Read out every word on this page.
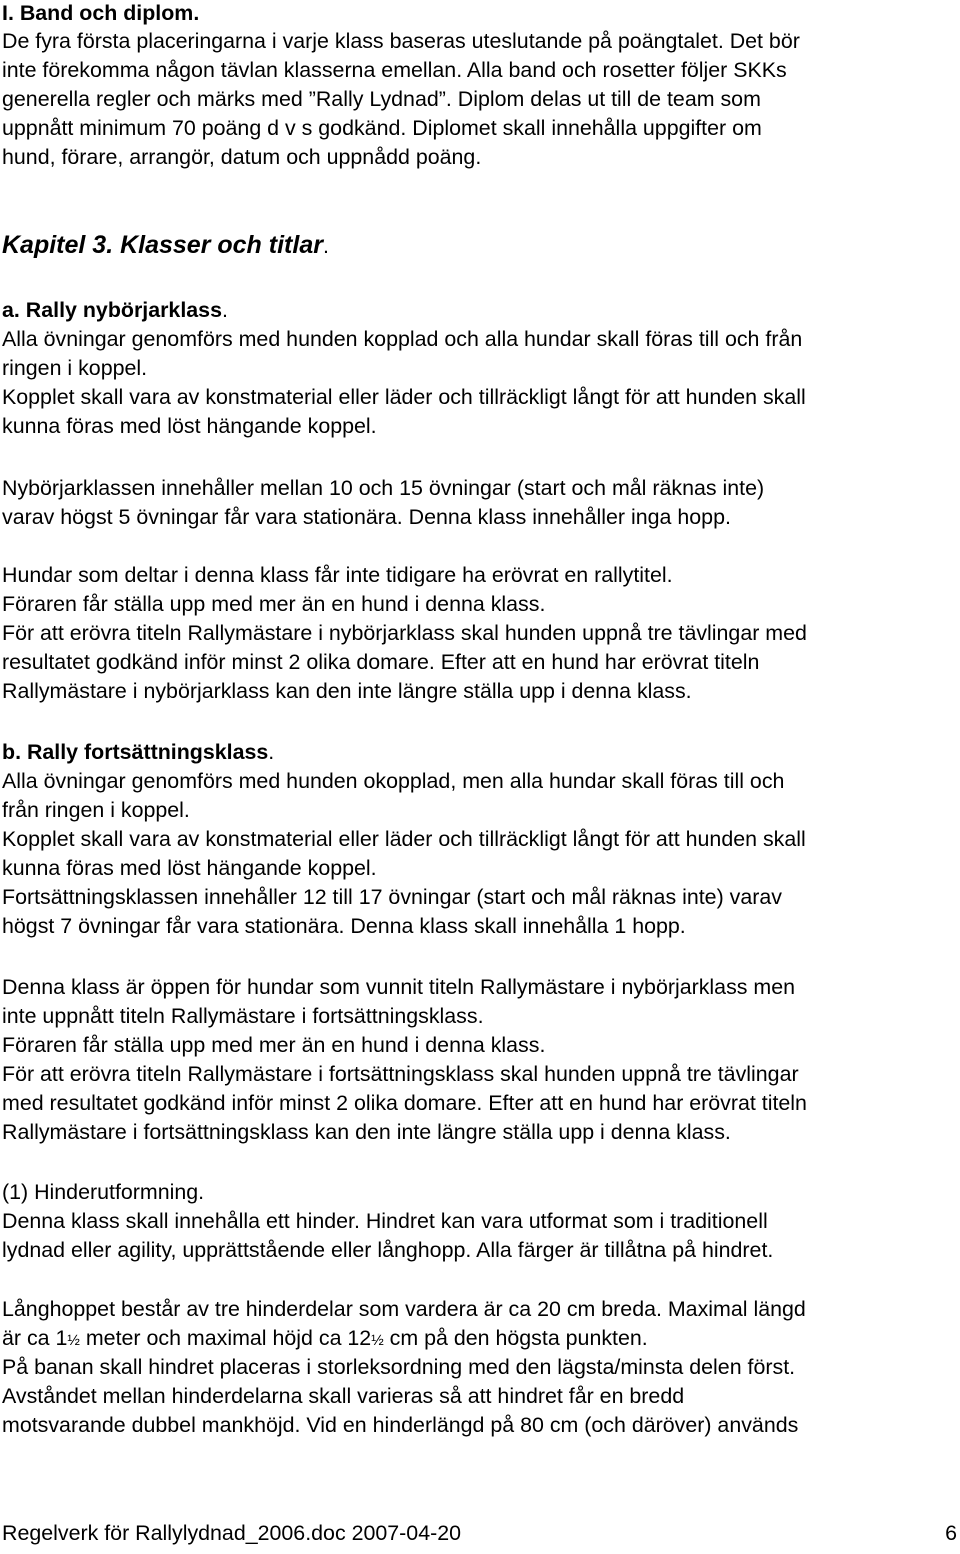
I. Band och diplom.
De fyra första placeringarna i varje klass baseras uteslutande på poängtalet. Det bör
inte förekomma någon tävlan klasserna emellan. Alla band och rosetter följer SKKs
generella regler och märks med ”Rally Lydnad”. Diplom delas ut till de team som
uppnått minimum 70 poäng d v s godkänd. Diplomet skall innehålla uppgifter om
hund, förare, arrangör, datum och uppnådd poäng.
Kapitel 3. Klasser och titlar.
a. Rally nybörjarklass.
Alla övningar genomförs med hunden kopplad och alla hundar skall föras till och från
ringen i koppel.
Kopplet skall vara av konstmaterial eller läder och tillräckligt långt för att hunden skall
kunna föras med löst hängande koppel.
Nybörjarklassen innehåller mellan 10 och 15 övningar (start och mål räknas inte)
varav högst 5 övningar får vara stationära. Denna klass innehåller inga hopp.
Hundar som deltar i denna klass får inte tidigare ha erövrat en rallytitel.
Föraren får ställa upp med mer än en hund i denna klass.
För att erövra titeln Rallymästare i nybörjarklass skal hunden uppnå tre tävlingar med
resultatet godkänd inför minst 2 olika domare. Efter att en hund har erövrat titeln
Rallymästare i nybörjarklass kan den inte längre ställa upp i denna klass.
b. Rally fortsättningsklass.
Alla övningar genomförs med hunden okopplad, men alla hundar skall föras till och
från ringen i koppel.
Kopplet skall vara av konstmaterial eller läder och tillräckligt långt för att hunden skall
kunna föras med löst hängande koppel.
Fortsättningsklassen innehåller 12 till 17 övningar (start och mål räknas inte) varav
högst 7 övningar får vara stationära. Denna klass skall innehålla 1 hopp.
Denna klass är öppen för hundar som vunnit titeln Rallymästare i nybörjarklass men
inte uppnått titeln Rallymästare i fortsättningsklass.
Föraren får ställa upp med mer än en hund i denna klass.
För att erövra titeln Rallymästare i fortsättningsklass skal hunden uppnå tre tävlingar
med resultatet godkänd inför minst 2 olika domare. Efter att en hund har erövrat titeln
Rallymästare i fortsättningsklass kan den inte längre ställa upp i denna klass.
(1) Hinderutformning.
Denna klass skall innehålla ett hinder. Hindret kan vara utformat som i traditionell
lydnad eller agility, upprättstående eller långhopp. Alla färger är tillåtna på hindret.
Långhoppet består av tre hinderdelar som vardera är ca 20 cm breda. Maximal längd
är ca 1½ meter och maximal höjd ca 12½ cm på den högsta punkten.
På banan skall hindret placeras i storleksordning med den lägsta/minsta delen först.
Avståndet mellan hinderdelarna skall varieras så att hindret får en bredd
motsvarande dubbel mankhöjd. Vid en hinderlängd på 80 cm (och däröver) används
Regelverk för Rallylydnad_2006.doc 2007-04-20	6
